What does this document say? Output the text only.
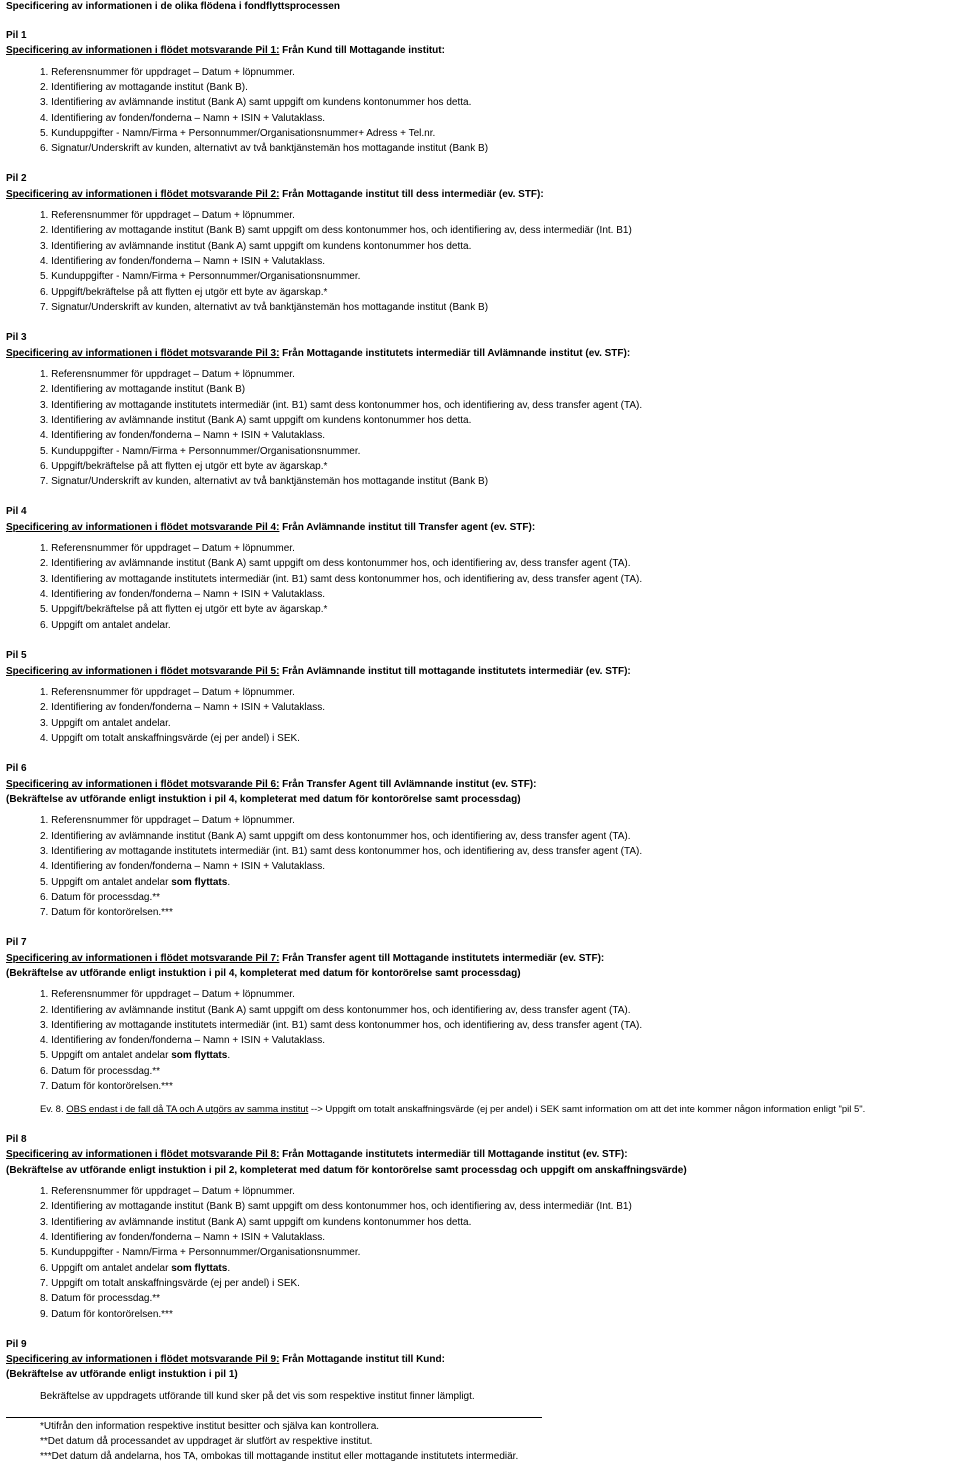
Specificering av informationen i de olika flödena i fondflyttsprocessen
Pil 1
Specificering av informationen i flödet motsvarande Pil 1: Från Kund till Mottagande institut:
1. Referensnummer för uppdraget – Datum + löpnummer.
2. Identifiering av mottagande institut (Bank B).
3. Identifiering av avlämnande institut (Bank A) samt uppgift om kundens kontonummer hos detta.
4. Identifiering av fonden/fonderna – Namn + ISIN + Valutaklass.
5. Kunduppgifter - Namn/Firma + Personnummer/Organisationsnummer+ Adress + Tel.nr.
6. Signatur/Underskrift av kunden, alternativt av två banktjänstemän hos mottagande institut (Bank B)
Pil 2
Specificering av informationen i flödet motsvarande Pil 2: Från Mottagande institut till dess intermediär (ev. STF):
1. Referensnummer för uppdraget – Datum + löpnummer.
2. Identifiering av mottagande institut (Bank B) samt uppgift om dess kontonummer hos, och identifiering av, dess intermediär (Int. B1)
3. Identifiering av avlämnande institut (Bank A) samt uppgift om kundens kontonummer hos detta.
4. Identifiering av fonden/fonderna – Namn + ISIN + Valutaklass.
5. Kunduppgifter - Namn/Firma + Personnummer/Organisationsnummer.
6. Uppgift/bekräftelse på att flytten ej utgör ett byte av ägarskap.*
7. Signatur/Underskrift av kunden, alternativt av två banktjänstemän hos mottagande institut (Bank B)
Pil 3
Specificering av informationen i flödet motsvarande Pil 3: Från Mottagande institutets intermediär till Avlämnande institut (ev. STF):
1. Referensnummer för uppdraget – Datum + löpnummer.
2. Identifiering av mottagande institut (Bank B)
3. Identifiering av mottagande institutets intermediär (int. B1) samt dess kontonummer hos, och identifiering av, dess transfer agent (TA).
3. Identifiering av avlämnande institut (Bank A) samt uppgift om kundens kontonummer hos detta.
4. Identifiering av fonden/fonderna – Namn + ISIN + Valutaklass.
5. Kunduppgifter - Namn/Firma + Personnummer/Organisationsnummer.
6. Uppgift/bekräftelse på att flytten ej utgör ett byte av ägarskap.*
7. Signatur/Underskrift av kunden, alternativt av två banktjänstemän hos mottagande institut (Bank B)
Pil 4
Specificering av informationen i flödet motsvarande Pil 4: Från Avlämnande institut till Transfer agent (ev. STF):
1. Referensnummer för uppdraget – Datum + löpnummer.
2. Identifiering av avlämnande institut (Bank A) samt uppgift om dess kontonummer hos, och identifiering av, dess transfer agent (TA).
3. Identifiering av mottagande institutets intermediär (int. B1) samt dess kontonummer hos, och identifiering av, dess transfer agent (TA).
4. Identifiering av fonden/fonderna – Namn + ISIN + Valutaklass.
5. Uppgift/bekräftelse på att flytten ej utgör ett byte av ägarskap.*
6. Uppgift om antalet andelar.
Pil 5
Specificering av informationen i flödet motsvarande Pil 5: Från Avlämnande institut till mottagande institutets intermediär (ev. STF):
1. Referensnummer för uppdraget – Datum + löpnummer.
2. Identifiering av fonden/fonderna – Namn + ISIN + Valutaklass.
3. Uppgift om antalet andelar.
4. Uppgift om totalt anskaffningsvärde (ej per andel) i SEK.
Pil 6
Specificering av informationen i flödet motsvarande Pil 6: Från Transfer Agent till Avlämnande institut (ev. STF):
(Bekräftelse av utförande enligt instuktion i pil 4, kompleterat med datum för kontorörelse samt processdag)
1. Referensnummer för uppdraget – Datum + löpnummer.
2. Identifiering av avlämnande institut (Bank A) samt uppgift om dess kontonummer hos, och identifiering av, dess transfer agent (TA).
3. Identifiering av mottagande institutets intermediär (int. B1) samt dess kontonummer hos, och identifiering av, dess transfer agent (TA).
4. Identifiering av fonden/fonderna – Namn + ISIN + Valutaklass.
5. Uppgift om antalet andelar som flyttats.
6. Datum för processdag.**
7. Datum för kontorörelsen.***
Pil 7
Specificering av informationen i flödet motsvarande Pil 7: Från Transfer agent till Mottagande institutets intermediär (ev. STF):
(Bekräftelse av utförande enligt instuktion i pil 4, kompleterat med datum för kontorörelse samt processdag)
1. Referensnummer för uppdraget – Datum + löpnummer.
2. Identifiering av avlämnande institut (Bank A) samt uppgift om dess kontonummer hos, och identifiering av, dess transfer agent (TA).
3. Identifiering av mottagande institutets intermediär (int. B1) samt dess kontonummer hos, och identifiering av, dess transfer agent (TA).
4. Identifiering av fonden/fonderna – Namn + ISIN + Valutaklass.
5. Uppgift om antalet andelar som flyttats.
6. Datum för processdag.**
7. Datum för kontorörelsen.***
Ev. 8. OBS endast i de fall då TA och A utgörs av samma institut --> Uppgift om totalt anskaffningsvärde (ej per andel) i SEK samt information om att det inte kommer någon information enligt "pil 5".
Pil 8
Specificering av informationen i flödet motsvarande Pil 8: Från Mottagande institutets intermediär till Mottagande institut (ev. STF):
(Bekräftelse av utförande enligt instuktion i pil 2, kompleterat med datum för kontorörelse samt processdag och uppgift om anskaffningsvärde)
1. Referensnummer för uppdraget – Datum + löpnummer.
2. Identifiering av mottagande institut (Bank B) samt uppgift om dess kontonummer hos, och identifiering av, dess intermediär (Int. B1)
3. Identifiering av avlämnande institut (Bank A) samt uppgift om kundens kontonummer hos detta.
4. Identifiering av fonden/fonderna – Namn + ISIN + Valutaklass.
5. Kunduppgifter - Namn/Firma + Personnummer/Organisationsnummer.
6. Uppgift om antalet andelar som flyttats.
7. Uppgift om totalt anskaffningsvärde (ej per andel) i SEK.
8. Datum för processdag.**
9. Datum för kontorörelsen.***
Pil 9
Specificering av informationen i flödet motsvarande Pil 9: Från Mottagande institut till Kund:
(Bekräftelse av utförande enligt instuktion i pil 1)
Bekräftelse av uppdragets utförande till kund sker på det vis som respektive institut finner lämpligt.
*Utifrån den information respektive institut besitter och själva kan kontrollera.
**Det datum då processandet av uppdraget är slutfört av respektive institut.
***Det datum då andelarna, hos TA, ombokas till mottagande institut eller mottagande institutets intermediär.
